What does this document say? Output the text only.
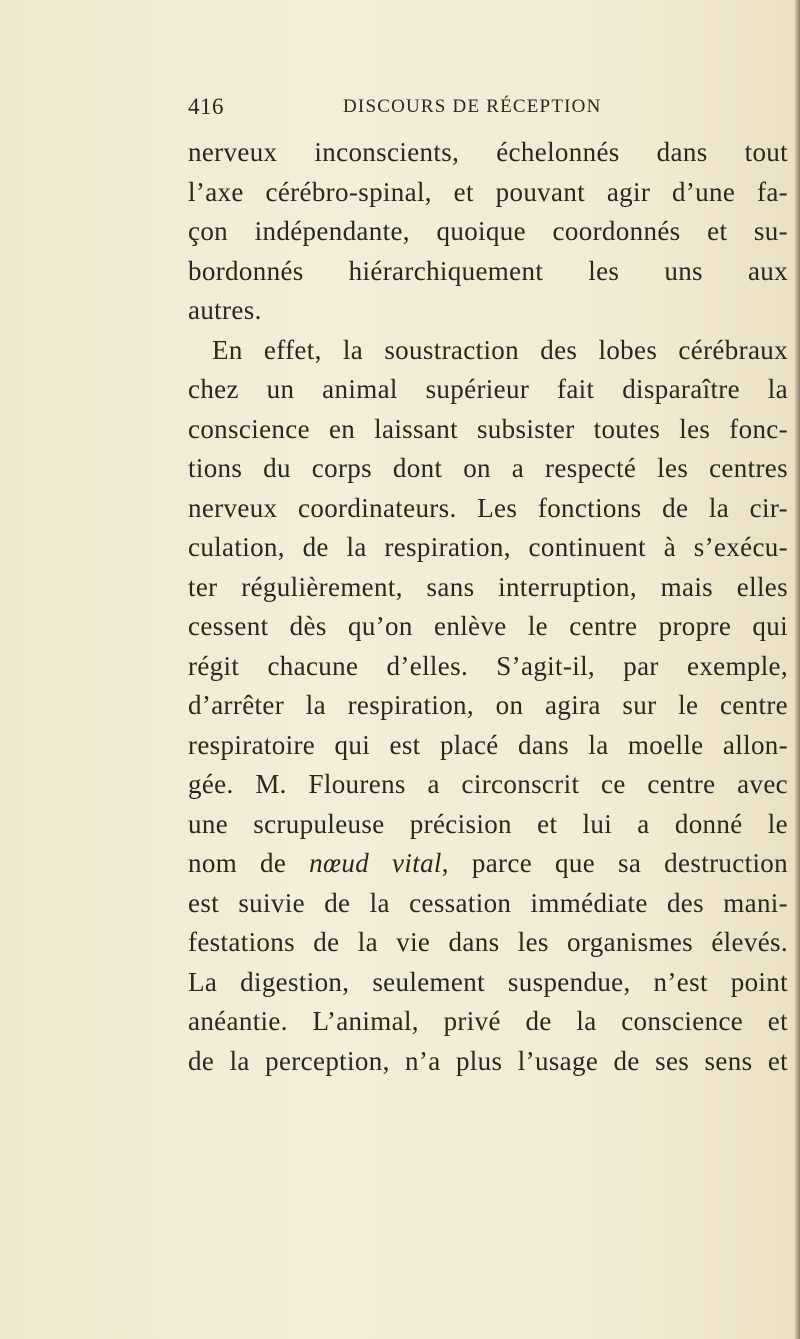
416	DISCOURS DE RÉCEPTION
nerveux inconscients, échelonnés dans tout
l’axe cérébro-spinal, et pouvant agir d’une fa-
çon indépendante, quoique coordonnés et su-
bordonnés hiérarchiquement les uns aux
autres.
En effet, la soustraction des lobes cérébraux
chez un animal supérieur fait disparaître la
conscience en laissant subsister toutes les fonc-
tions du corps dont on a respecté les centres
nerveux coordinateurs. Les fonctions de la cir-
culation, de la respiration, continuent à s’exécu-
ter régulièrement, sans interruption, mais elles
cessent dès qu’on enlève le centre propre qui
régit chacune d’elles. S’agit-il, par exemple,
d’arrêter la respiration, on agira sur le centre
respiratoire qui est placé dans la moelle allon-
gée. M. Flourens a circonscrit ce centre avec
une scrupuleuse précision et lui a donné le
nom de nœud vital, parce que sa destruction
est suivie de la cessation immédiate des mani-
festations de la vie dans les organismes élevés.
La digestion, seulement suspendue, n’est point
anéantie. L’animal, privé de la conscience et
de la perception, n’a plus l’usage de ses sens et
